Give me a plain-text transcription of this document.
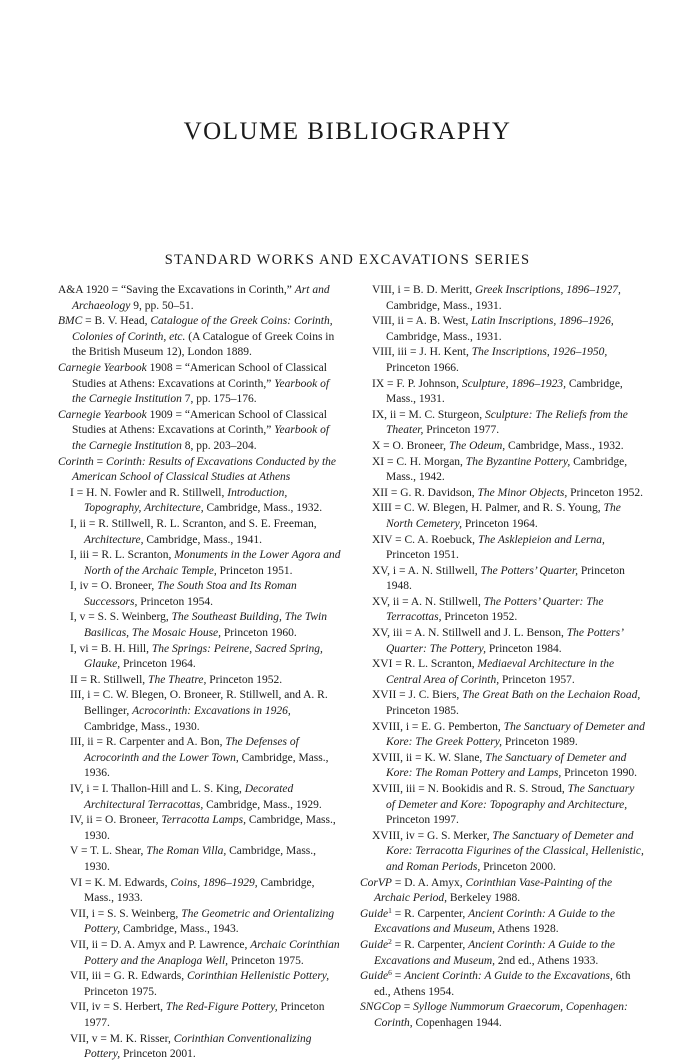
VOLUME BIBLIOGRAPHY
STANDARD WORKS AND EXCAVATIONS SERIES

A&A 1920 = “Saving the Excavations in Corinth,” Art and Archaeology 9, pp. 50–51.

BMC = B. V. Head, Catalogue of the Greek Coins: Corinth, Colonies of Corinth, etc. (A Catalogue of Greek Coins in the British Museum 12), London 1889.

Carnegie Yearbook 1908 = “American School of Classical Studies at Athens: Excavations at Corinth,” Yearbook of the Carnegie Institution 7, pp. 175–176.

Carnegie Yearbook 1909 = “American School of Classical Studies at Athens: Excavations at Corinth,” Yearbook of the Carnegie Institution 8, pp. 203–204.

Corinth = Corinth: Results of Excavations Conducted by the American School of Classical Studies at Athens

I = H. N. Fowler and R. Stillwell, Introduction, Topography, Architecture, Cambridge, Mass., 1932.

I, ii = R. Stillwell, R. L. Scranton, and S. E. Freeman, Architecture, Cambridge, Mass., 1941.

I, iii = R. L. Scranton, Monuments in the Lower Agora and North of the Archaic Temple, Princeton 1951.

I, iv = O. Broneer, The South Stoa and Its Roman Successors, Princeton 1954.

I, v = S. S. Weinberg, The Southeast Building, The Twin Basilicas, The Mosaic House, Princeton 1960.

I, vi = B. H. Hill, The Springs: Peirene, Sacred Spring, Glauke, Princeton 1964.

II = R. Stillwell, The Theatre, Princeton 1952.

III, i = C. W. Blegen, O. Broneer, R. Stillwell, and A. R. Bellinger, Acrocorinth: Excavations in 1926, Cambridge, Mass., 1930.

III, ii = R. Carpenter and A. Bon, The Defenses of Acrocorinth and the Lower Town, Cambridge, Mass., 1936.

IV, i = I. Thallon-Hill and L. S. King, Decorated Architectural Terracottas, Cambridge, Mass., 1929.

IV, ii = O. Broneer, Terracotta Lamps, Cambridge, Mass., 1930.

V = T. L. Shear, The Roman Villa, Cambridge, Mass., 1930.

VI = K. M. Edwards, Coins, 1896–1929, Cambridge, Mass., 1933.

VII, i = S. S. Weinberg, The Geometric and Orientalizing Pottery, Cambridge, Mass., 1943.

VII, ii = D. A. Amyx and P. Lawrence, Archaic Corinthian Pottery and the Anaploga Well, Princeton 1975.

VII, iii = G. R. Edwards, Corinthian Hellenistic Pottery, Princeton 1975.

VII, iv = S. Herbert, The Red-Figure Pottery, Princeton 1977.

VII, v = M. K. Risser, Corinthian Conventionalizing Pottery, Princeton 2001.

VIII, i = B. D. Meritt, Greek Inscriptions, 1896–1927, Cambridge, Mass., 1931.

VIII, ii = A. B. West, Latin Inscriptions, 1896–1926, Cambridge, Mass., 1931.

VIII, iii = J. H. Kent, The Inscriptions, 1926–1950, Princeton 1966.

IX = F. P. Johnson, Sculpture, 1896–1923, Cambridge, Mass., 1931.

IX, ii = M. C. Sturgeon, Sculpture: The Reliefs from the Theater, Princeton 1977.

X = O. Broneer, The Odeum, Cambridge, Mass., 1932.

XI = C. H. Morgan, The Byzantine Pottery, Cambridge, Mass., 1942.

XII = G. R. Davidson, The Minor Objects, Princeton 1952.

XIII = C. W. Blegen, H. Palmer, and R. S. Young, The North Cemetery, Princeton 1964.

XIV = C. A. Roebuck, The Asklepieion and Lerna, Princeton 1951.

XV, i = A. N. Stillwell, The Potters’ Quarter, Princeton 1948.

XV, ii = A. N. Stillwell, The Potters’ Quarter: The Terracottas, Princeton 1952.

XV, iii = A. N. Stillwell and J. L. Benson, The Potters’ Quarter: The Pottery, Princeton 1984.

XVI = R. L. Scranton, Mediaeval Architecture in the Central Area of Corinth, Princeton 1957.

XVII = J. C. Biers, The Great Bath on the Lechaion Road, Princeton 1985.

XVIII, i = E. G. Pemberton, The Sanctuary of Demeter and Kore: The Greek Pottery, Princeton 1989.

XVIII, ii = K. W. Slane, The Sanctuary of Demeter and Kore: The Roman Pottery and Lamps, Princeton 1990.

XVIII, iii = N. Bookidis and R. S. Stroud, The Sanctuary of Demeter and Kore: Topography and Architecture, Princeton 1997.

XVIII, iv = G. S. Merker, The Sanctuary of Demeter and Kore: Terracotta Figurines of the Classical, Hellenistic, and Roman Periods, Princeton 2000.

CorVP = D. A. Amyx, Corinthian Vase-Painting of the Archaic Period, Berkeley 1988.

Guide$^1$ = R. Carpenter, Ancient Corinth: A Guide to the Excavations and Museum, Athens 1928.

Guide$^2$ = R. Carpenter, Ancient Corinth: A Guide to the Excavations and Museum, 2nd ed., Athens 1933.

Guide$^6$ = Ancient Corinth: A Guide to the Excavations, 6th ed., Athens 1954.

SNGCop = Sylloge Nummorum Graecorum, Copenhagen: Corinth, Copenhagen 1944.
